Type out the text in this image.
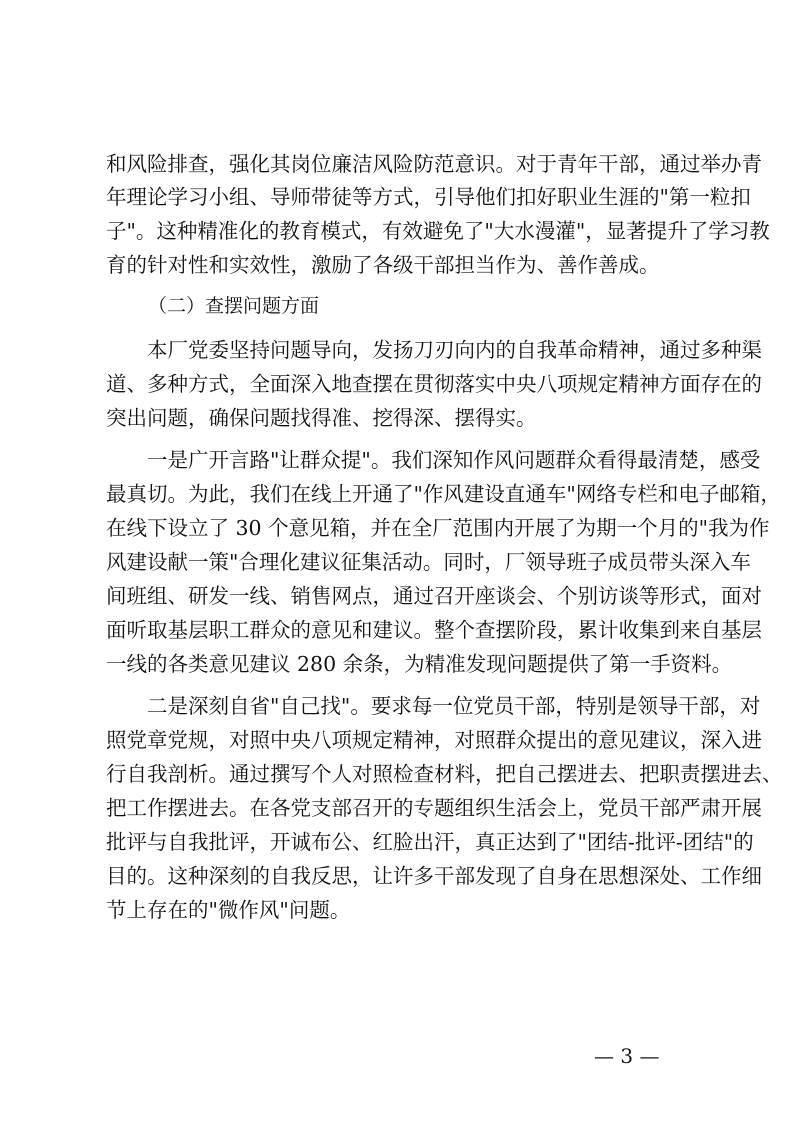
和风险排查，强化其岗位廉洁风险防范意识。对于青年干部，通过举办青
年理论学习小组、导师带徒等方式，引导他们扣好职业生涯的"第一粒扣
子"。这种精准化的教育模式，有效避免了"大水漫灌"，显著提升了学习教
育的针对性和实效性，激励了各级干部担当作为、善作善成。
（二）查摆问题方面
　　本厂党委坚持问题导向，发扬刀刃向内的自我革命精神，通过多种渠
道、多种方式，全面深入地查摆在贯彻落实中央八项规定精神方面存在的
突出问题，确保问题找得准、挖得深、摆得实。
　　一是广开言路"让群众提"。我们深知作风问题群众看得最清楚，感受
最真切。为此，我们在线上开通了"作风建设直通车"网络专栏和电子邮箱，
在线下设立了 30 个意见箱，并在全厂范围内开展了为期一个月的"我为作
风建设献一策"合理化建议征集活动。同时，厂领导班子成员带头深入车
间班组、研发一线、销售网点，通过召开座谈会、个别访谈等形式，面对
面听取基层职工群众的意见和建议。整个查摆阶段，累计收集到来自基层
一线的各类意见建议 280 余条，为精准发现问题提供了第一手资料。
　　二是深刻自省"自己找"。要求每一位党员干部，特别是领导干部，对
照党章党规，对照中央八项规定精神，对照群众提出的意见建议，深入进
行自我剖析。通过撰写个人对照检查材料，把自己摆进去、把职责摆进去、
把工作摆进去。在各党支部召开的专题组织生活会上，党员干部严肃开展
批评与自我批评，开诚布公、红脸出汗，真正达到了"团结-批评-团结"的
目的。这种深刻的自我反思，让许多干部发现了自身在思想深处、工作细
节上存在的"微作风"问题。
— 3 —
